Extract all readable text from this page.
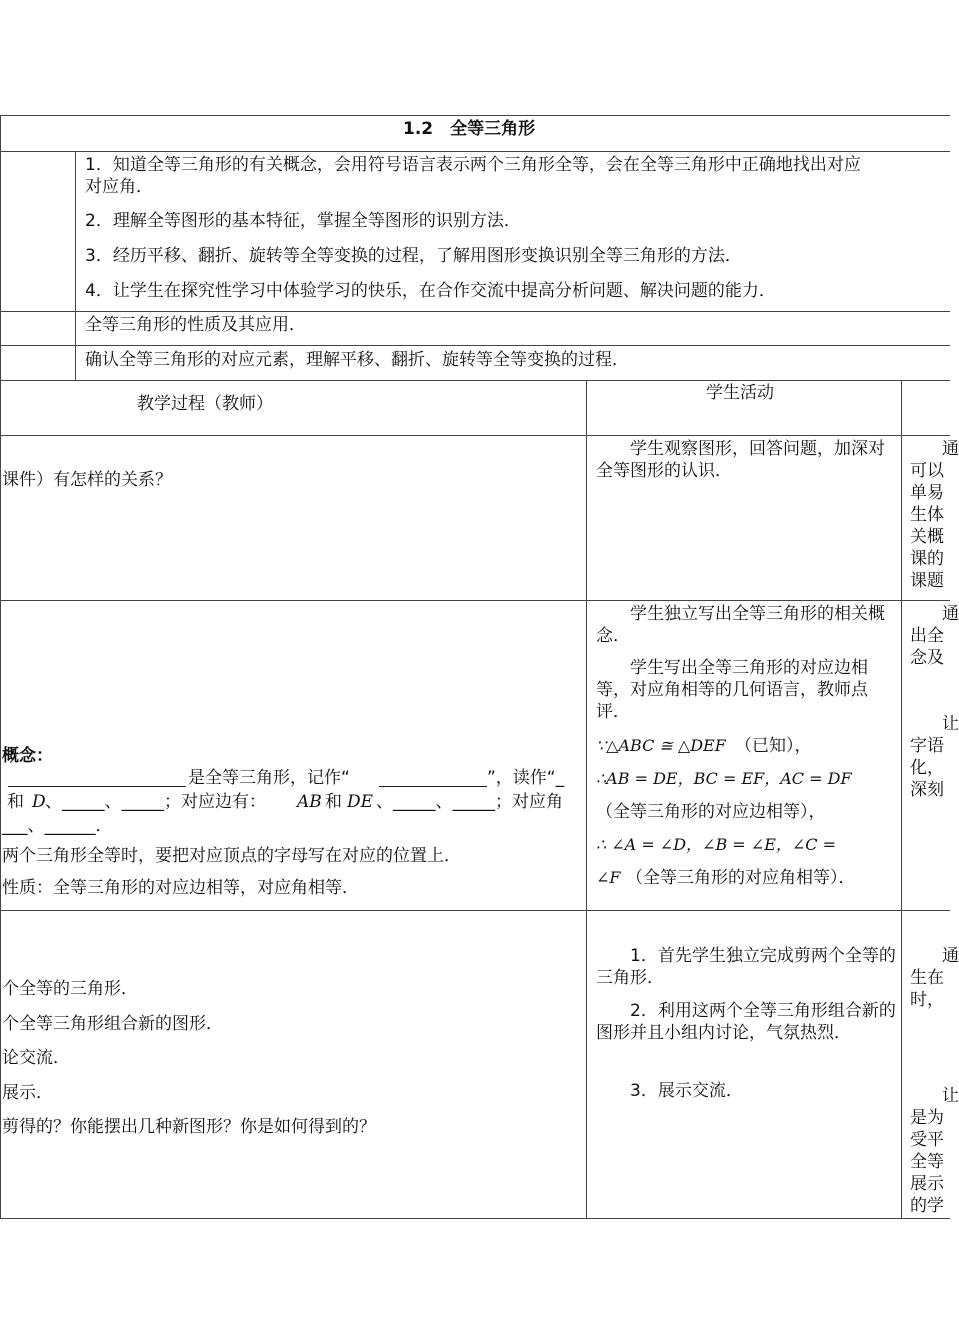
1.2　全等三角形
1．知道全等三角形的有关概念，会用符号语言表示两个三角形全等，会在全等三角形中正确地找出对应
对应角．
2．理解全等图形的基本特征，掌握全等图形的识别方法．
3．经历平移、翻折、旋转等全等变换的过程，了解用图形变换识别全等三角形的方法．
4．让学生在探究性学习中体验学习的快乐，在合作交流中提高分析问题、解决问题的能力．
全等三角形的性质及其应用．
确认全等三角形的对应元素，理解平移、翻折、旋转等全等变换的过程．
教学过程（教师）
学生活动
课件）有怎样的关系？
学生观察图形，回答问题，加深对全等图形的认识．
通
可以
单易
生体
关概
课的
课题
概念：
是全等三角形，记作“	”，读作“_
和 D 、_____、_____；对应边有： AB 和 DE 、_____、_____；对应角
___、______．
两个三角形全等时，要把对应顶点的字母写在对应的位置上．
性质：全等三角形的对应边相等，对应角相等．
学生独立写出全等三角形的相关概念．
学生写出全等三角形的对应边相等，对应角相等的几何语言，教师点评．
∵△ABC ≅ △DEF （已知），
∴AB = DE，BC = EF，AC = DF
（全等三角形的对应边相等），
∴ ∠A = ∠D，∠B = ∠E，∠C =
∠F （全等三角形的对应角相等）．
通
出全
念及
让
字语
化，
深刻
个全等的三角形．
个全等三角形组合新的图形．
论交流．
展示．
剪得的？你能摆出几种新图形？你是如何得到的？
1．首先学生独立完成剪两个全等的三角形．
2．利用这两个全等三角形组合新的图形并且小组内讨论，气氛热烈．
3．展示交流．
通
生在
时，
让
是为
受平
全等
展示
的学
